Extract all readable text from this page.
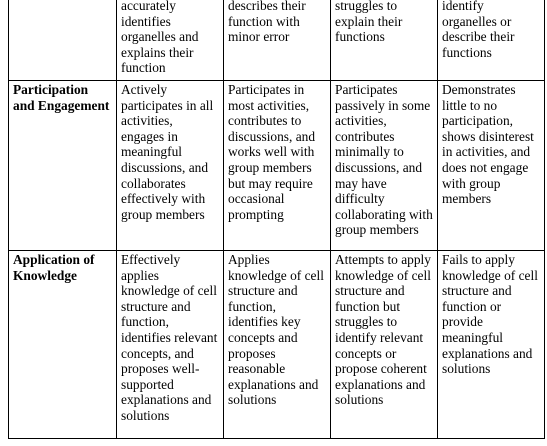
	accurately identifies organelles and explains their function	describes their function with minor error	struggles to explain their functions	identify organelles or describe their functions
Participation and Engagement	Actively participates in all activities, engages in meaningful discussions, and collaborates effectively with group members	Participates in most activities, contributes to discussions, and works well with group members but may require occasional prompting	Participates passively in some activities, contributes minimally to discussions, and may have difficulty collaborating with group members	Demonstrates little to no participation, shows disinterest in activities, and does not engage with group members
Application of Knowledge	Effectively applies knowledge of cell structure and function, identifies relevant concepts, and proposes well-supported explanations and solutions	Applies knowledge of cell structure and function, identifies key concepts and proposes reasonable explanations and solutions	Attempts to apply knowledge of cell structure and function but struggles to identify relevant concepts or propose coherent explanations and solutions	Fails to apply knowledge of cell structure and function or provide meaningful explanations and solutions
